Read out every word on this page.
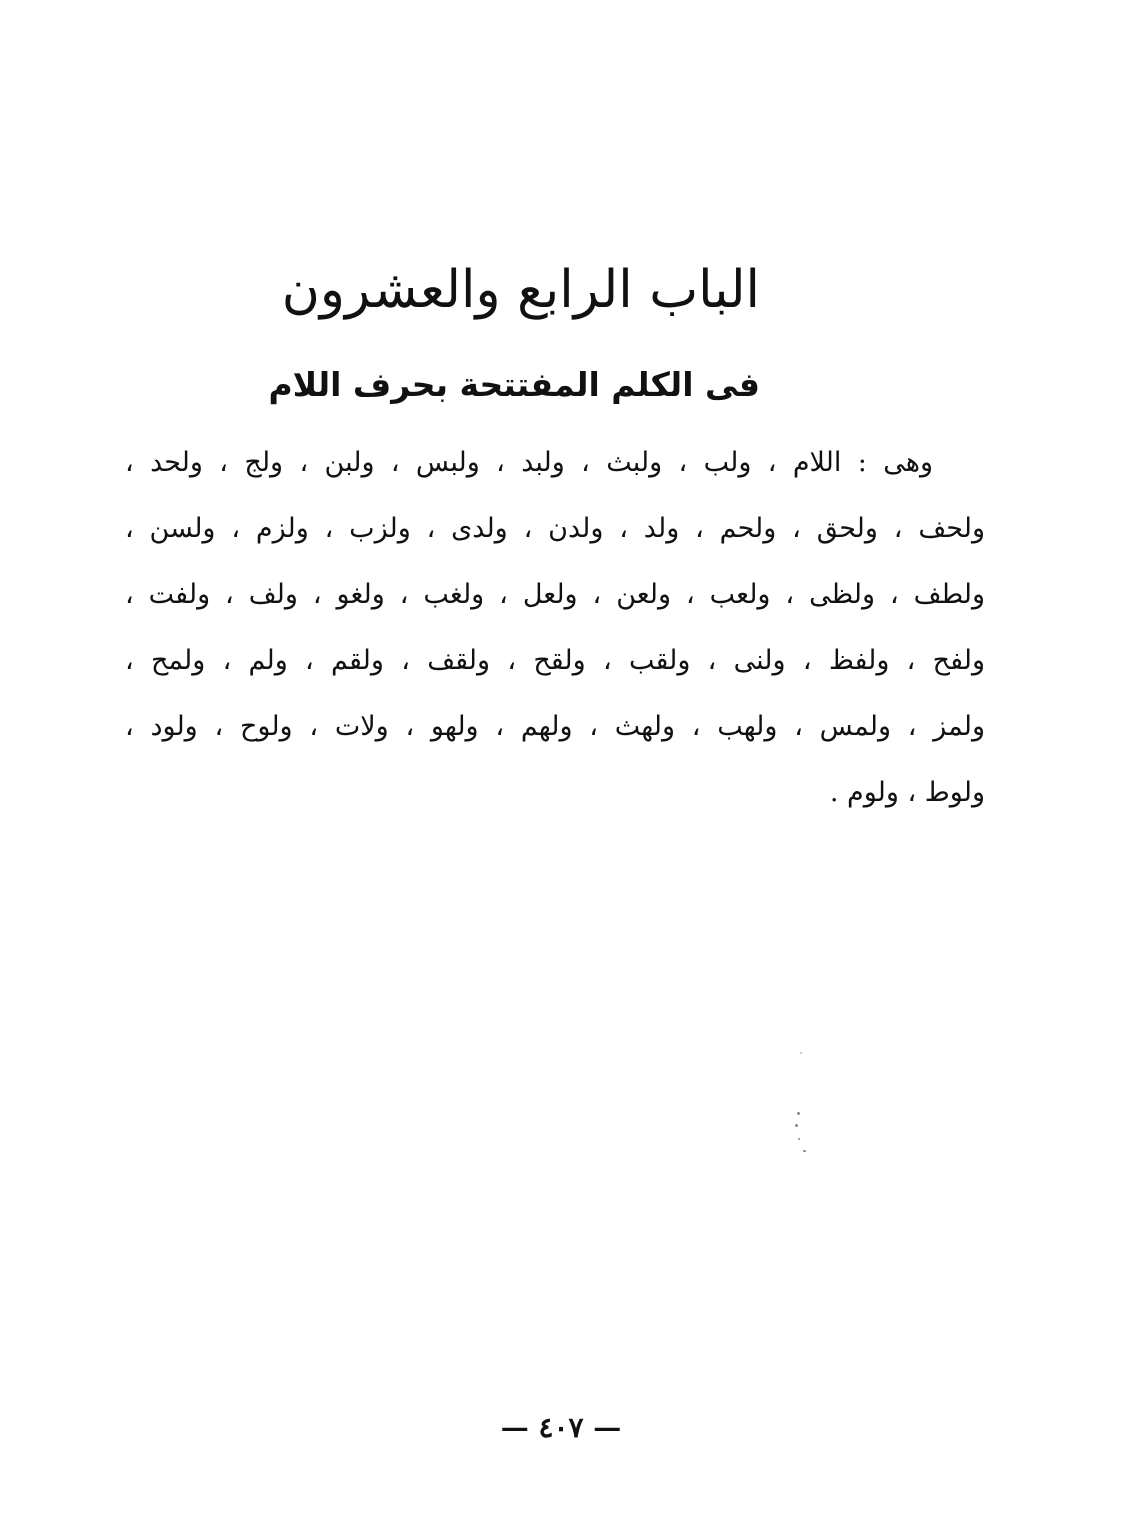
الباب الرابع والعشرون
فى الكلم المفتتحة بحرف اللام
وهى : اللام ، ولب ، ولبث ، ولبد ، ولبس ، ولبن ، ولج ، ولحد ،
ولحف ، ولحق ، ولحم ، ولد ، ولدن ، ولدى ، ولزب ، ولزم ، ولسن ،
ولطف ، ولظى ، ولعب ، ولعن ، ولعل ، ولغب ، ولغو ، ولف ، ولفت ،
ولفح ، ولفظ ، ولنى ، ولقب ، ولقح ، ولقف ، ولقم ، ولم ، ولمح ،
ولمز ، ولمس ، ولهب ، ولهث ، ولهم ، ولهو ، ولات ، ولوح ، ولود ،
ولوط ، ولوم .
— ٤٠٧ —
